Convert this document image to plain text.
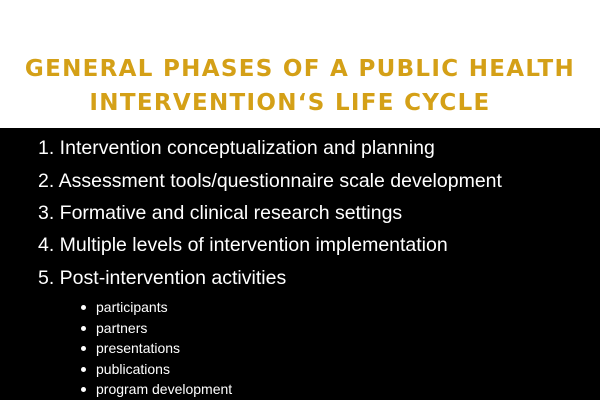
GENERAL PHASES OF A PUBLIC HEALTH
INTERVENTION‘S LIFE CYCLE
1. Intervention conceptualization and planning
2. Assessment tools/questionnaire scale development
3. Formative and clinical research settings
4. Multiple levels of intervention implementation
5. Post-intervention activities
participants
partners
presentations
publications
program development
